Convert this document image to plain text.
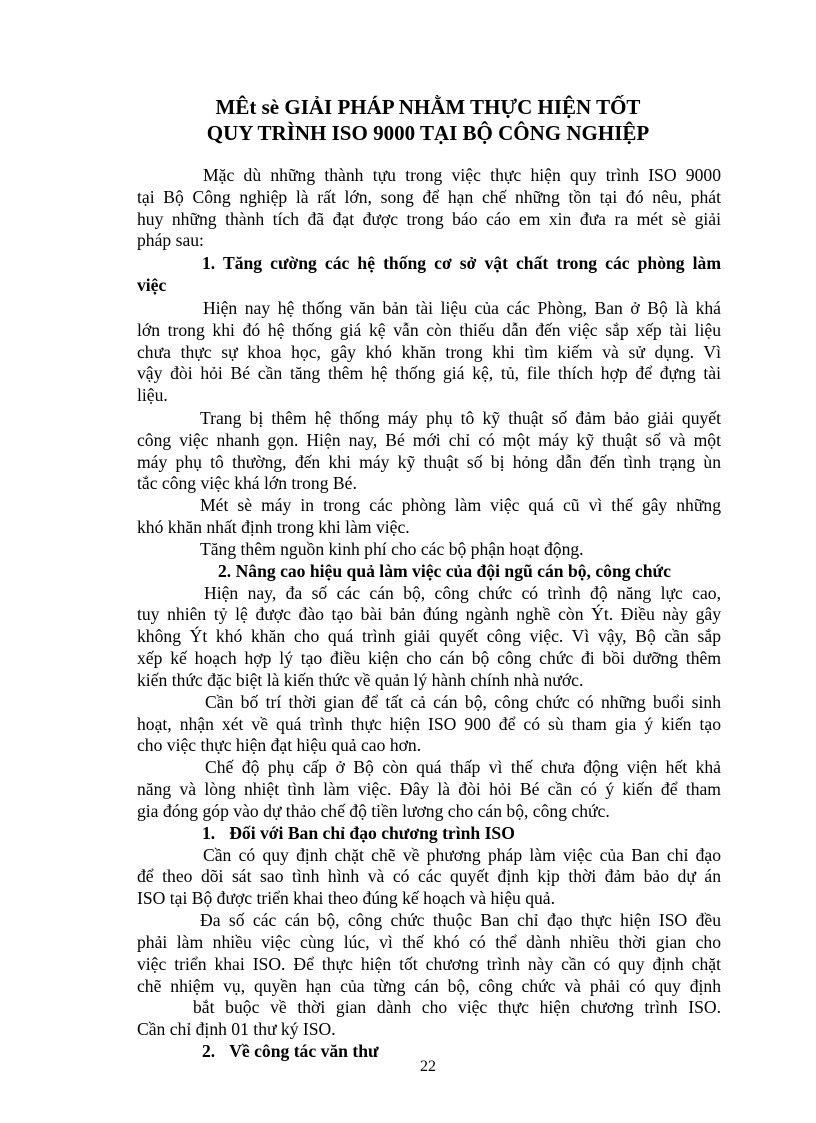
MÊt sè GIẢI PHÁP NHẰM THỰC HIỆN TỐT
QUY TRÌNH ISO 9000 TẠI BỘ CÔNG NGHIỆP
Mặc dù những thành tựu trong việc thực hiện quy trình ISO 9000
tại Bộ Công nghiệp là rất lớn, song để hạn chế những tồn tại đó nêu, phát
huy những thành tích đã đạt được trong báo cáo em xin đưa ra mét sè giải
pháp sau:
1. Tăng cường các hệ thống cơ sở vật chất trong các phòng làm
việc
Hiện nay hệ thống văn bản tài liệu của các Phòng, Ban ở Bộ là khá
lớn trong khi đó hệ thống giá kệ vẫn còn thiếu dẫn đến việc sắp xếp tài liệu
chưa thực sự khoa học, gây khó khăn trong khi tìm kiếm và sử dụng. Vì
vậy đòi hỏi Bé cần tăng thêm hệ thống giá kệ, tủ, file thích hợp để đựng tài
liệu.
Trang bị thêm hệ thống máy phụ tô kỹ thuật số đảm bảo giải quyết
công việc nhanh gọn. Hiện nay, Bé mới chỉ có một máy kỹ thuật số và một
máy phụ tô thường, đến khi máy kỹ thuật số bị hỏng dẫn đến tình trạng ùn
tắc công việc khá lớn trong Bé.
Mét sè máy in trong các phòng làm việc quá cũ vì thế gây những
khó khăn nhất định trong khi làm việc.
Tăng thêm nguồn kinh phí cho các bộ phận hoạt động.
2. Nâng cao hiệu quả làm việc của đội ngũ cán bộ, công chức
Hiện nay, đa số các cán bộ, công chức có trình độ năng lực cao,
tuy nhiên tỷ lệ được đào tạo bài bản đúng ngành nghề còn Ýt. Điều này gây
không Ýt khó khăn cho quá trình giải quyết công việc. Vì vậy, Bộ cần sắp
xếp kế hoạch hợp lý tạo điều kiện cho cán bộ công chức đi bồi dưỡng thêm
kiến thức đặc biệt là kiến thức về quản lý hành chính nhà nước.
Cần bố trí thời gian để tất cả cán bộ, công chức có những buổi sinh
hoạt, nhận xét về quá trình thực hiện ISO 900 để có sù tham gia ý kiến tạo
cho việc thực hiện đạt hiệu quả cao hơn.
Chế độ phụ cấp ở Bộ còn quá thấp vì thế chưa động viện hết khả
năng và lòng nhiệt tình làm việc. Đây là đòi hỏi Bé cần có ý kiến để tham
gia đóng góp vào dự thảo chế độ tiền lương cho cán bộ, công chức.
1. Đối với Ban chỉ đạo chương trình ISO
Cần có quy định chặt chẽ về phương pháp làm việc của Ban chỉ đạo
để theo dõi sát sao tình hình và có các quyết định kịp thời đảm bảo dự án
ISO tại Bộ được triển khai theo đúng kế hoạch và hiệu quả.
Đa số các cán bộ, công chức thuộc Ban chỉ đạo thực hiện ISO đều
phải làm nhiều việc cùng lúc, vì thế khó có thể dành nhiều thời gian cho
việc triển khai ISO. Để thực hiện tốt chương trình này cần có quy định chặt
chẽ nhiệm vụ, quyền hạn của từng cán bộ, công chức và phải có quy định
bắt buộc về thời gian dành cho việc thực hiện chương trình ISO.
Cần chỉ định 01 thư ký ISO.
2. Về công tác văn thư
22
